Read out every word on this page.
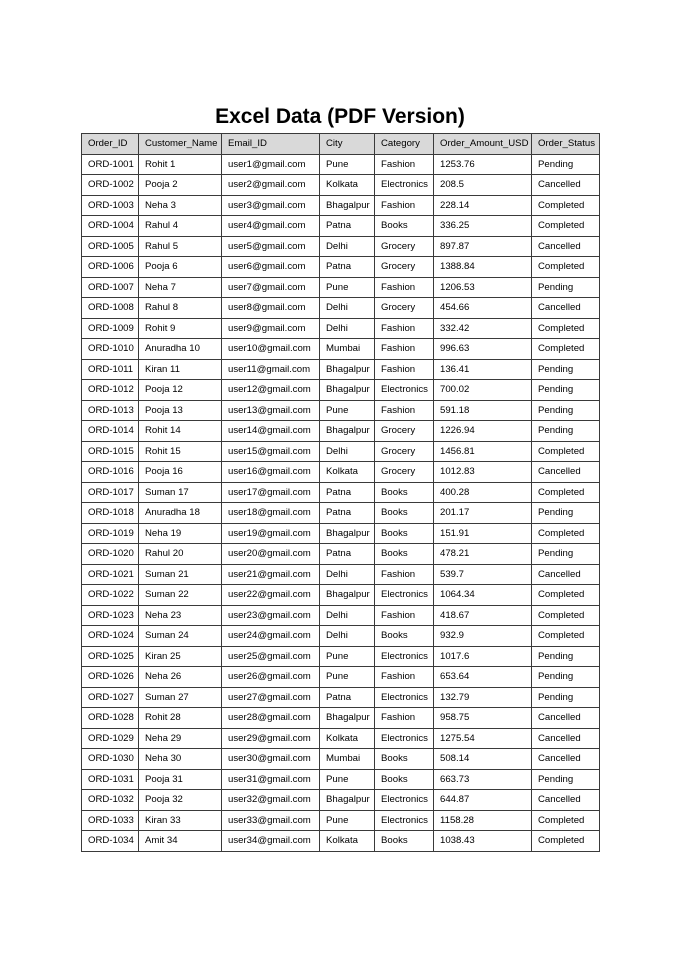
Excel Data (PDF Version)
Order_ID	Customer_Name	Email_ID	City	Category	Order_Amount_USD	Order_Status
ORD-1001	Rohit 1	user1@gmail.com	Pune	Fashion	1253.76	Pending
ORD-1002	Pooja 2	user2@gmail.com	Kolkata	Electronics	208.5	Cancelled
ORD-1003	Neha 3	user3@gmail.com	Bhagalpur	Fashion	228.14	Completed
ORD-1004	Rahul 4	user4@gmail.com	Patna	Books	336.25	Completed
ORD-1005	Rahul 5	user5@gmail.com	Delhi	Grocery	897.87	Cancelled
ORD-1006	Pooja 6	user6@gmail.com	Patna	Grocery	1388.84	Completed
ORD-1007	Neha 7	user7@gmail.com	Pune	Fashion	1206.53	Pending
ORD-1008	Rahul 8	user8@gmail.com	Delhi	Grocery	454.66	Cancelled
ORD-1009	Rohit 9	user9@gmail.com	Delhi	Fashion	332.42	Completed
ORD-1010	Anuradha 10	user10@gmail.com	Mumbai	Fashion	996.63	Completed
ORD-1011	Kiran 11	user11@gmail.com	Bhagalpur	Fashion	136.41	Pending
ORD-1012	Pooja 12	user12@gmail.com	Bhagalpur	Electronics	700.02	Pending
ORD-1013	Pooja 13	user13@gmail.com	Pune	Fashion	591.18	Pending
ORD-1014	Rohit 14	user14@gmail.com	Bhagalpur	Grocery	1226.94	Pending
ORD-1015	Rohit 15	user15@gmail.com	Delhi	Grocery	1456.81	Completed
ORD-1016	Pooja 16	user16@gmail.com	Kolkata	Grocery	1012.83	Cancelled
ORD-1017	Suman 17	user17@gmail.com	Patna	Books	400.28	Completed
ORD-1018	Anuradha 18	user18@gmail.com	Patna	Books	201.17	Pending
ORD-1019	Neha 19	user19@gmail.com	Bhagalpur	Books	151.91	Completed
ORD-1020	Rahul 20	user20@gmail.com	Patna	Books	478.21	Pending
ORD-1021	Suman 21	user21@gmail.com	Delhi	Fashion	539.7	Cancelled
ORD-1022	Suman 22	user22@gmail.com	Bhagalpur	Electronics	1064.34	Completed
ORD-1023	Neha 23	user23@gmail.com	Delhi	Fashion	418.67	Completed
ORD-1024	Suman 24	user24@gmail.com	Delhi	Books	932.9	Completed
ORD-1025	Kiran 25	user25@gmail.com	Pune	Electronics	1017.6	Pending
ORD-1026	Neha 26	user26@gmail.com	Pune	Fashion	653.64	Pending
ORD-1027	Suman 27	user27@gmail.com	Patna	Electronics	132.79	Pending
ORD-1028	Rohit 28	user28@gmail.com	Bhagalpur	Fashion	958.75	Cancelled
ORD-1029	Neha 29	user29@gmail.com	Kolkata	Electronics	1275.54	Cancelled
ORD-1030	Neha 30	user30@gmail.com	Mumbai	Books	508.14	Cancelled
ORD-1031	Pooja 31	user31@gmail.com	Pune	Books	663.73	Pending
ORD-1032	Pooja 32	user32@gmail.com	Bhagalpur	Electronics	644.87	Cancelled
ORD-1033	Kiran 33	user33@gmail.com	Pune	Electronics	1158.28	Completed
ORD-1034	Amit 34	user34@gmail.com	Kolkata	Books	1038.43	Completed
